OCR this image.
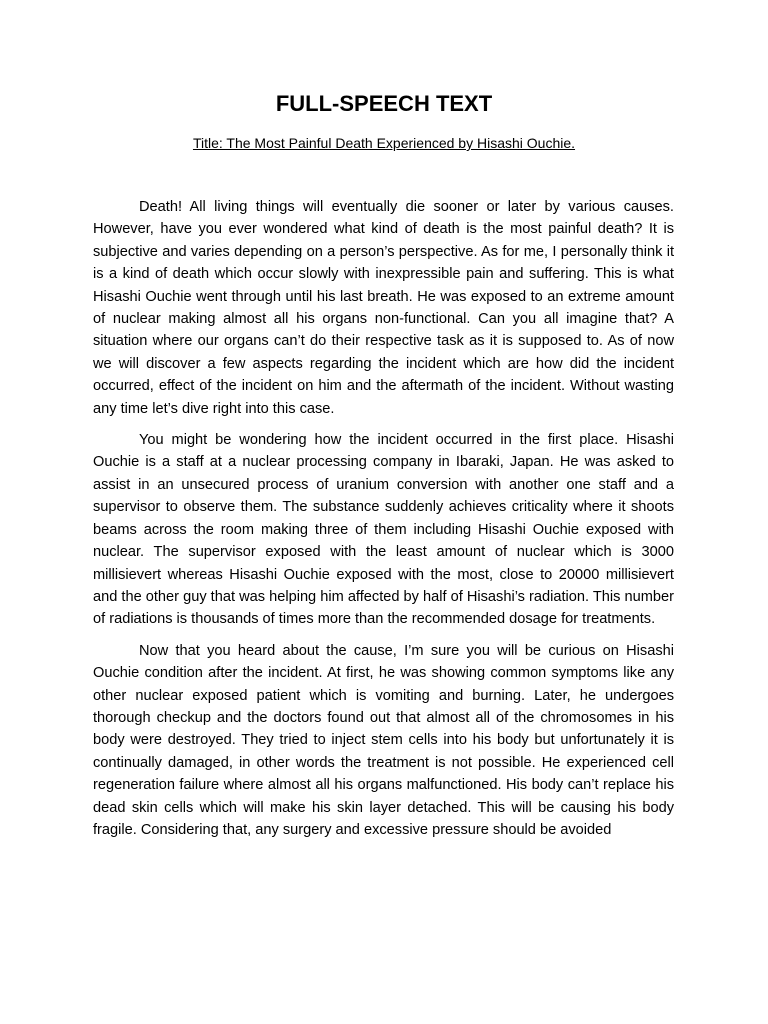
FULL-SPEECH TEXT

Title: The Most Painful Death Experienced by Hisashi Ouchie.

Death! All living things will eventually die sooner or later by various causes. However, have you ever wondered what kind of death is the most painful death? It is subjective and varies depending on a person’s perspective. As for me, I personally think it is a kind of death which occur slowly with inexpressible pain and suffering. This is what Hisashi Ouchie went through until his last breath. He was exposed to an extreme amount of nuclear making almost all his organs non-functional. Can you all imagine that? A situation where our organs can’t do their respective task as it is supposed to. As of now we will discover a few aspects regarding the incident which are how did the incident occurred, effect of the incident on him and the aftermath of the incident. Without wasting any time let’s dive right into this case.

You might be wondering how the incident occurred in the first place. Hisashi Ouchie is a staff at a nuclear processing company in Ibaraki, Japan. He was asked to assist in an unsecured process of uranium conversion with another one staff and a supervisor to observe them. The substance suddenly achieves criticality where it shoots beams across the room making three of them including Hisashi Ouchie exposed with nuclear. The supervisor exposed with the least amount of nuclear which is 3000 millisievert whereas Hisashi Ouchie exposed with the most, close to 20000 millisievert and the other guy that was helping him affected by half of Hisashi’s radiation. This number of radiations is thousands of times more than the recommended dosage for treatments.

Now that you heard about the cause, I’m sure you will be curious on Hisashi Ouchie condition after the incident. At first, he was showing common symptoms like any other nuclear exposed patient which is vomiting and burning. Later, he undergoes thorough checkup and the doctors found out that almost all of the chromosomes in his body were destroyed. They tried to inject stem cells into his body but unfortunately it is continually damaged, in other words the treatment is not possible. He experienced cell regeneration failure where almost all his organs malfunctioned. His body can’t replace his dead skin cells which will make his skin layer detached. This will be causing his body fragile. Considering that, any surgery and excessive pressure should be avoided
